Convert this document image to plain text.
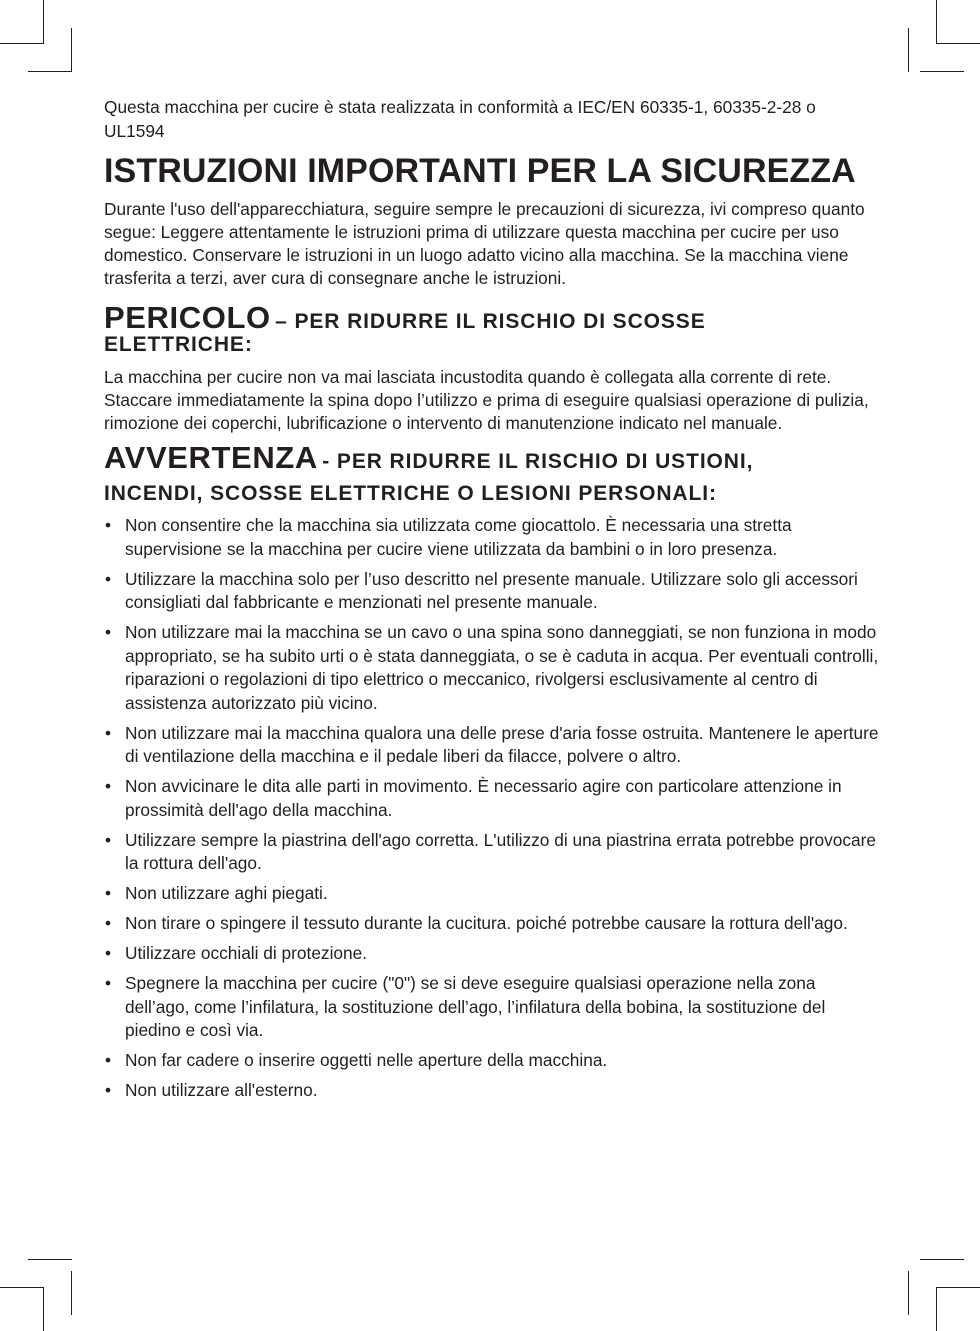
Questa macchina per cucire è stata realizzata in conformità a IEC/EN 60335-1, 60335-2-28 o UL1594

ISTRUZIONI IMPORTANTI PER LA SICUREZZA

Durante l'uso dell'apparecchiatura, seguire sempre le precauzioni di sicurezza, ivi compreso quanto segue: Leggere attentamente le istruzioni prima di utilizzare questa macchina per cucire per uso domestico. Conservare le istruzioni in un luogo adatto vicino alla macchina. Se la macchina viene trasferita a terzi, aver cura di consegnare anche le istruzioni.

PERICOLO – PER RIDURRE IL RISCHIO DI SCOSSE
ELETTRICHE:

La macchina per cucire non va mai lasciata incustodita quando è collegata alla corrente di rete. Staccare immediatamente la spina dopo l’utilizzo e prima di eseguire qualsiasi operazione di pulizia, rimozione dei coperchi, lubrificazione o intervento di manutenzione indicato nel manuale.

AVVERTENZA - PER RIDURRE IL RISCHIO DI USTIONI,
INCENDI, SCOSSE ELETTRICHE O LESIONI PERSONALI:
• Non consentire che la macchina sia utilizzata come giocattolo. È necessaria una stretta supervisione se la macchina per cucire viene utilizzata da bambini o in loro presenza.
• Utilizzare la macchina solo per l’uso descritto nel presente manuale. Utilizzare solo gli accessori consigliati dal fabbricante e menzionati nel presente manuale.
• Non utilizzare mai la macchina se un cavo o una spina sono danneggiati, se non funziona in modo appropriato, se ha subito urti o è stata danneggiata, o se è caduta in acqua. Per eventuali controlli, riparazioni o regolazioni di tipo elettrico o meccanico, rivolgersi esclusivamente al centro di assistenza autorizzato più vicino.
• Non utilizzare mai la macchina qualora una delle prese d'aria fosse ostruita. Mantenere le aperture di ventilazione della macchina e il pedale liberi da filacce, polvere o altro.
• Non avvicinare le dita alle parti in movimento. È necessario agire con particolare attenzione in prossimità dell'ago della macchina.
• Utilizzare sempre la piastrina dell'ago corretta. L'utilizzo di una piastrina errata potrebbe provocare la rottura dell'ago.
• Non utilizzare aghi piegati.
• Non tirare o spingere il tessuto durante la cucitura. poiché potrebbe causare la rottura dell'ago.
• Utilizzare occhiali di protezione.
• Spegnere la macchina per cucire ("0") se si deve eseguire qualsiasi operazione nella zona dell’ago, come l’infilatura, la sostituzione dell’ago, l’infilatura della bobina, la sostituzione del piedino e così via.
• Non far cadere o inserire oggetti nelle aperture della macchina.
• Non utilizzare all'esterno.
